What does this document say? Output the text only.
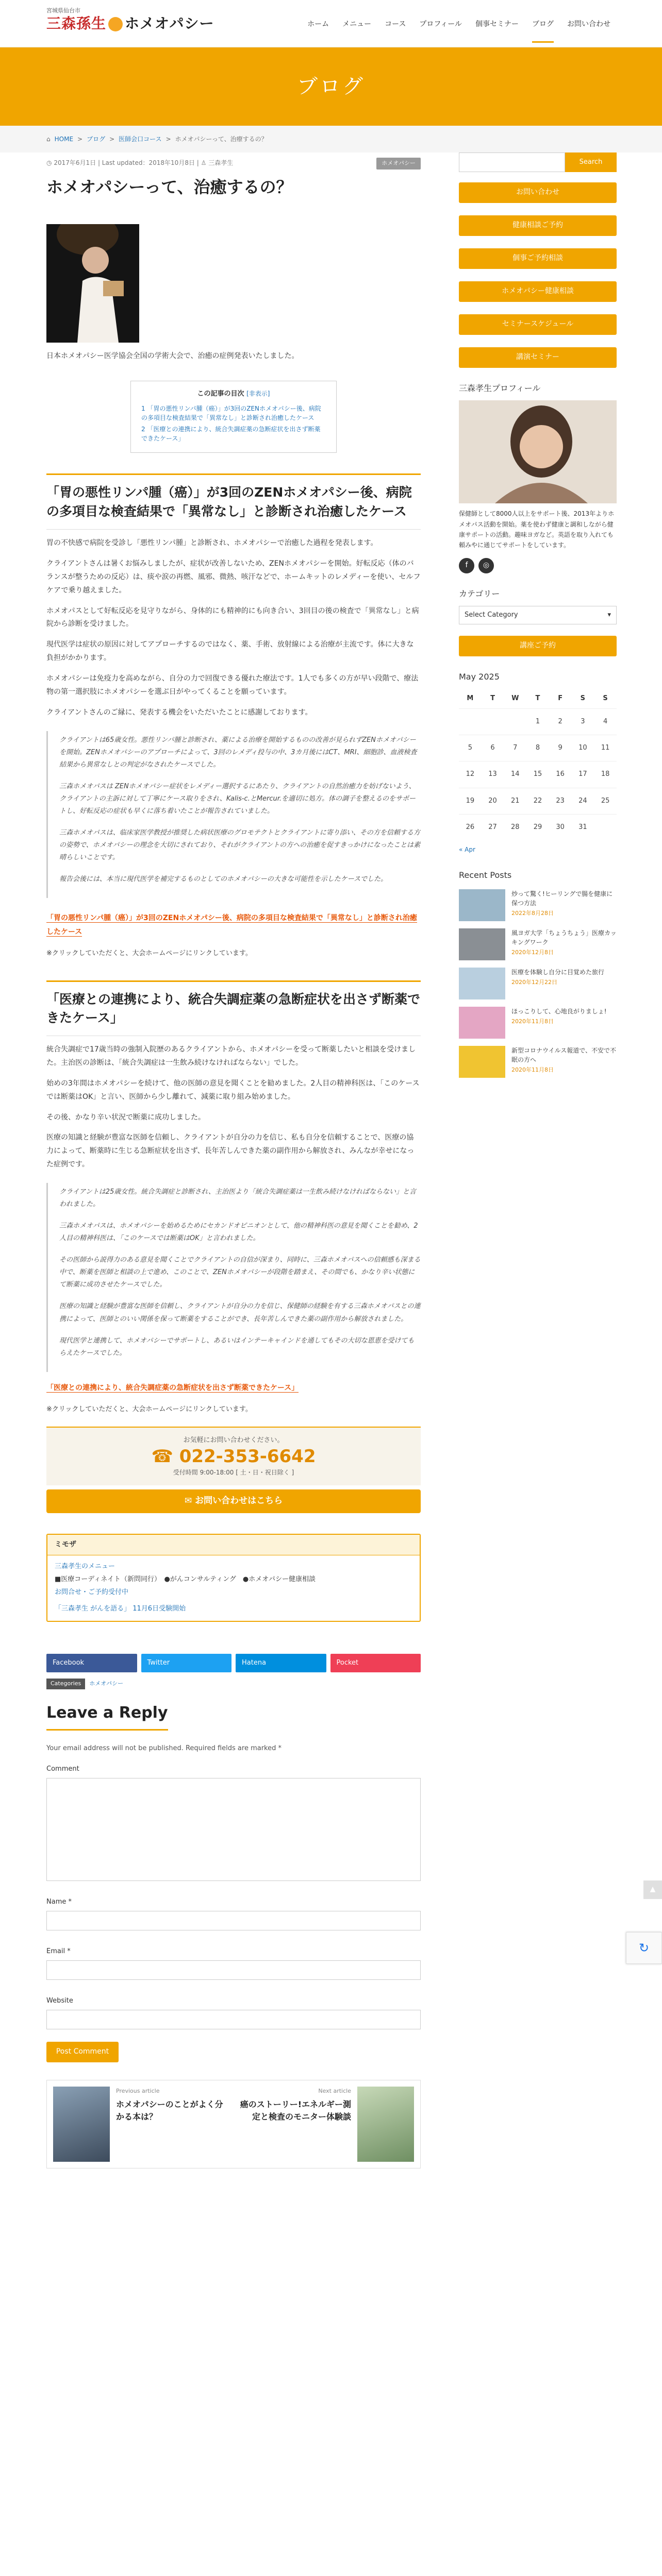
宮城県仙台市
三森孫生 ホメオパシー	ホーム メニュー コース プロフィール 個事セミナー ブログ お問い合わせ
ブログ
⌂ HOME > ブログ > 医師会口コース > ホメオパシーって、治療するの？
◷ 2017年6月1日 | Last updated：2018年10月8日 | ♙ 三森孝生	ホメオパシー
ホメオパシーって、治癒するの？

日本ホメオパシー医学協会全国の学術大会で、治癒の症例発表いたしました。

この記事の目次 [非表示]
1 「胃の悪性リンパ腫（癌）」が3回のZENホメオパシー後、病院の多項目な検査結果で「異常なし」と診断され治癒したケース
2 「医療との連携により、統合失調症薬の急断症状を出さず断薬できたケース」
「胃の悪性リンパ腫（癌）」が3回のZENホメオパシー後、病院の多項目な検査結果で「異常なし」と診断され治癒したケース

胃の不快感で病院を受診し「悪性リンパ腫」と診断され、ホメオパシーで治癒した過程を発表します。

クライアントさんは暑くお悩みしましたが、症状が改善しないため、ZENホメオパシーを開始。好転反応（体のバランスが整うための反応）は、痰や涙の再燃、風邪、微熱、咳汗などで、ホームキットのレメディーを使い、セルフケアで乗り越えました。

ホメオパスとして好転反応を見守りながら、身体的にも精神的にも向き合い、3回目の後の検査で「異常なし」と病院から診断を受けました。

現代医学は症状の原因に対してアプローチするのではなく、薬、手術、放射線による治療が主流です。体に大きな負担がかかります。

ホメオパシーは免疫力を高めながら、自分の力で回復できる優れた療法です。1人でも多くの方が早い段階で、療法物の第一選択肢にホメオパシーを選ぶ日がやってくることを願っています。

クライアントさんのご縁に、発表する機会をいただいたことに感謝しております。

クライアントは65歳女性。悪性リンパ腫と診断され、薬による治療を開始するものの改善が見られずZENホメオパシーを開始。ZENホメオパシーのアプローチによって、3回のレメディ投与の中、3カ月後にはCT、MRI、細胞診、血液検査結果から異常なしとの判定がなされたケースでした。

三森ホメオパスは ZENホメオパシー症状をレメディー選択するにあたり、クライアントの自然治癒力を妨げないよう、クライアントの主訴に対して丁寧にケース取りをされ、Kalis-c.とMercur.を適切に処方。体の調子を整えるのをサポートし、好転反応の症状も早くに落ち着いたことが報告されていました。

三森ホメオパスは、临床家医学教授が推奨した病状医療のグロモテクトとクライアントに寄り添い、その方を信頼する方の姿勢で、ホメオパシーの理念を大切にされており、それがクライアントの方への治癒を促すきっかけになったことは素晴らしいことです。

報告会後には、本当に現代医学を補完するものとしてのホメオパシーの大きな可能性を示したケースでした。

「胃の悪性リンパ腫（癌）」が3回のZENホメオパシー後、病院の多項目な検査結果で「異常なし」と診断され治癒したケース

※クリックしていただくと、大会ホームページにリンクしています。

「医療との連携により、統合失調症薬の急断症状を出さず断薬できたケース」

統合失調症で17歳当時の強制入院歴のあるクライアントから、ホメオパシーを受って断薬したいと相談を受けました。主治医の診断は、「統合失調症は一生飲み続けなければならない」でした。

始めの3年間はホメオパシーを続けて、他の医師の意見を聞くことを勧めました。2人目の精神科医は、「このケースでは断薬はOK」と言い、医師から少し離れて、減薬に取り組み始めました。

その後、かなり辛い状況で断薬に成功しました。

医療の知識と経験が豊富な医師を信頼し、クライアントが自分の力を信じ、私も自分を信頼することで、医療の協力によって、断薬時に生じる急断症状を出さず、長年苦しんできた薬の副作用から解放され、みんなが幸せになった症例です。

クライアントは25歳女性。統合失調症と診断され、主治医より「統合失調症薬は一生飲み続けなければならない」と言われました。

三森ホメオパスは、ホメオパシーを始めるためにセカンドオピニオンとして、他の精神科医の意見を聞くことを勧め、2人目の精神科医は、「このケースでは断薬はOK」と言われました。

その医師から説得力のある意見を聞くことでクライアントの自信が深まり、同時に、三森ホメオパスへの信頼感も深まる中で、断薬を医師と相談の上で進め、このことで、ZENホメオパシーが段階を踏まえ、その間でも、かなり辛い状態にて断薬に成功させたケースでした。

医療の知識と経験が豊富な医師を信頼し、クライアントが自分の力を信じ、保健師の経験を有する三森ホメオパスとの連携によって、医師とのいい関係を保って断薬をすることができ、長年苦しんできた薬の副作用から解放されました。

現代医学と連携して、ホメオパシーでサポートし、あるいはインテーキャインドを通してもその大切な恩恵を受けてもらえたケースでした。

「医療との連携により、統合失調症薬の急断症状を出さず断薬できたケース」

※クリックしていただくと、大会ホームページにリンクしています。

お気軽にお問い合わせください。
☎ 022-353-6642
受付時間 9:00-18:00 [ 土・日・祝日除く ]
✉ お問い合わせはこちら
ミモザ
三森孝生のメニュー
■医療コーディネイト（新問同行）　●がんコンサルティング　●ホメオパシー健康相談
お問合せ・ご予約受付中
「三森孝生 がんを語る」 11月6日受験開始
Facebook	Twitter	Hatena	Pocket
Categories	ホメオパシー
Leave a Reply

Your email address will not be published. Required fields are marked *

Comment
Name *
Email *
Website
Post Comment
Previous article
ホメオパシーのことがよく分かる本は？
Next article
癌のストーリー!エネルギー測定と検査のモニター体験談
Search
お問い合わせ
健康相談ご予約
個事ご予約相談
ホメオパシー健康相談
セミナースケジュール
講演セミナー
三森孝生プロフィール

保健師として8000人以上をサポート後、2013年よりホメオパス活動を開始。薬を使わず健康と調和しながら健康サポートの活動。趣味ヨガなど。英語を取り入れても頼みやに通じてサポートをしています。

f	◎
カテゴリー
Select Category	▾
講座ご予約
May 2025
M	T	W	T	F	S	S
			1	2	3	4
5	6	7	8	9	10	11
12	13	14	15	16	17	18
19	20	21	22	23	24	25
26	27	28	29	30	31	
« Apr
Recent Posts
炒って驚く!ヒーリングで腸を健康に保つ方法
2022年8月28日
風ヨガ大学「ちょうちょう」医療カッキングワーク
2020年12月8日
医療を体験し自分に目覚めた旅行
2020年12月22日
ほっこりして、心地良がりましょ!
2020年11月8日
新型コロナウイルス報道で、不安で不眠の方へ
2020年11月8日
▲
↻
